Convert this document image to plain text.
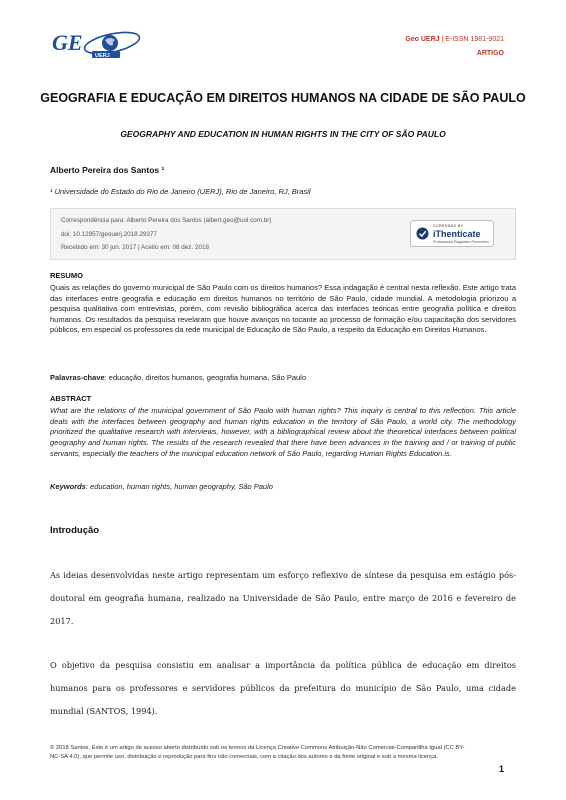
GE
UERJ
Geo UERJ | E-ISSN 1981-9021
ARTIGO
GEOGRAFIA E EDUCAÇÃO EM DIREITOS HUMANOS NA CIDADE DE SÃO PAULO
GEOGRAPHY AND EDUCATION IN HUMAN RIGHTS IN THE CITY OF SÃO PAULO
Alberto Pereira dos Santos ¹
¹ Universidade do Estado do Rio de Janeiro (UERJ), Rio de Janeiro, RJ, Brasil
Correspondência para: Alberto Pereira dos Santos (albert.geo@uol.com.br)
doi: 10.12957/geouerj.2018.29377
Recebido em: 30 jun. 2017 | Aceito em: 08 dez. 2018
SCREENED BY
iThenticate
Professional Plagiarism Prevention
RESUMO
Quais as relações do governo municipal de São Paulo com os direitos humanos? Essa indagação é central nesta reflexão. Este artigo trata das interfaces entre geografia e educação em direitos humanos no território de São Paulo, cidade mundial. A metodologia priorizou a pesquisa qualitativa com entrevistas, porém, com revisão bibliográfica acerca das interfaces teóricas entre geografia política e direitos humanos. Os resultados da pesquisa revelaram que houve avanços no tocante ao processo de formação e/ou capacitação dos servidores públicos, em especial os professores da rede municipal de Educação de São Paulo, a respeito da Educação em Direitos Humanos.
Palavras-chave: educação, direitos humanos, geografia humana, São Paulo
ABSTRACT
What are the relations of the municipal government of São Paulo with human rights? This inquiry is central to this reflection. This article deals with the interfaces between geography and human rights education in the territory of São Paulo, a world city. The methodology prioritized the qualitative research with interviews, however, with a bibliographical review about the theoretical interfaces between political geography and human rights. The results of the research revealed that there have been advances in the training and / or training of public servants, especially the teachers of the municipal education network of São Paulo, regarding Human Rights Education.is.
Keywords: education, human rights, human geography, São Paulo
Introdução
As ideias desenvolvidas neste artigo representam um esforço reflexivo de síntese da pesquisa em estágio pós-doutoral em geografia humana, realizado na Universidade de São Paulo, entre março de 2016 e fevereiro de 2017.
O objetivo da pesquisa consistiu em analisar a importância da política pública de educação em direitos humanos para os professores e servidores públicos da prefeitura do município de São Paulo, uma cidade mundial (SANTOS, 1994).
© 2018 Santos. Este é um artigo de acesso aberto distribuído sob os termos da Licença Creative Commons Atribuição-Não Comercial-Compartilha Igual (CC BY-NC-SA 4.0), que permite uso, distribuição e reprodução para fins não comerciais, com a citação dos autores e da fonte original e sob a mesma licença.
1
